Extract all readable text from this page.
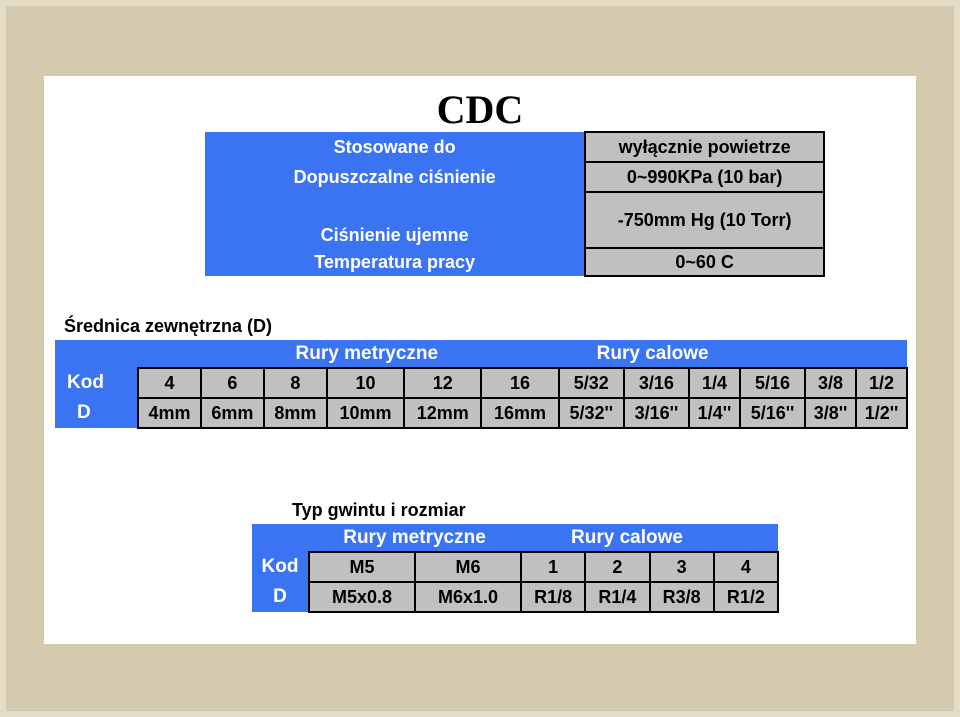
CDC
Stosowane do	wyłącznie powietrze
Dopuszczalne ciśnienie	0~990KPa (10 bar)
Ciśnienie ujemne	-750mm Hg (10 Torr)
Temperatura pracy	0~60 C
Średnica zewnętrzna (D)
Rury metryczne							Rury calowe					
Kod	4	6	8	10	12	16	5/32	3/16	1/4	5/16	3/8	1/2
D	4mm	6mm	8mm	10mm	12mm	16mm	5/32''	3/16''	1/4''	5/16''	3/8''	1/2''
Typ gwintu i rozmiar
Rury metryczne			Rury calowe			
Kod	M5	M6	1	2	3	4
D	M5x0.8	M6x1.0	R1/8	R1/4	R3/8	R1/2
